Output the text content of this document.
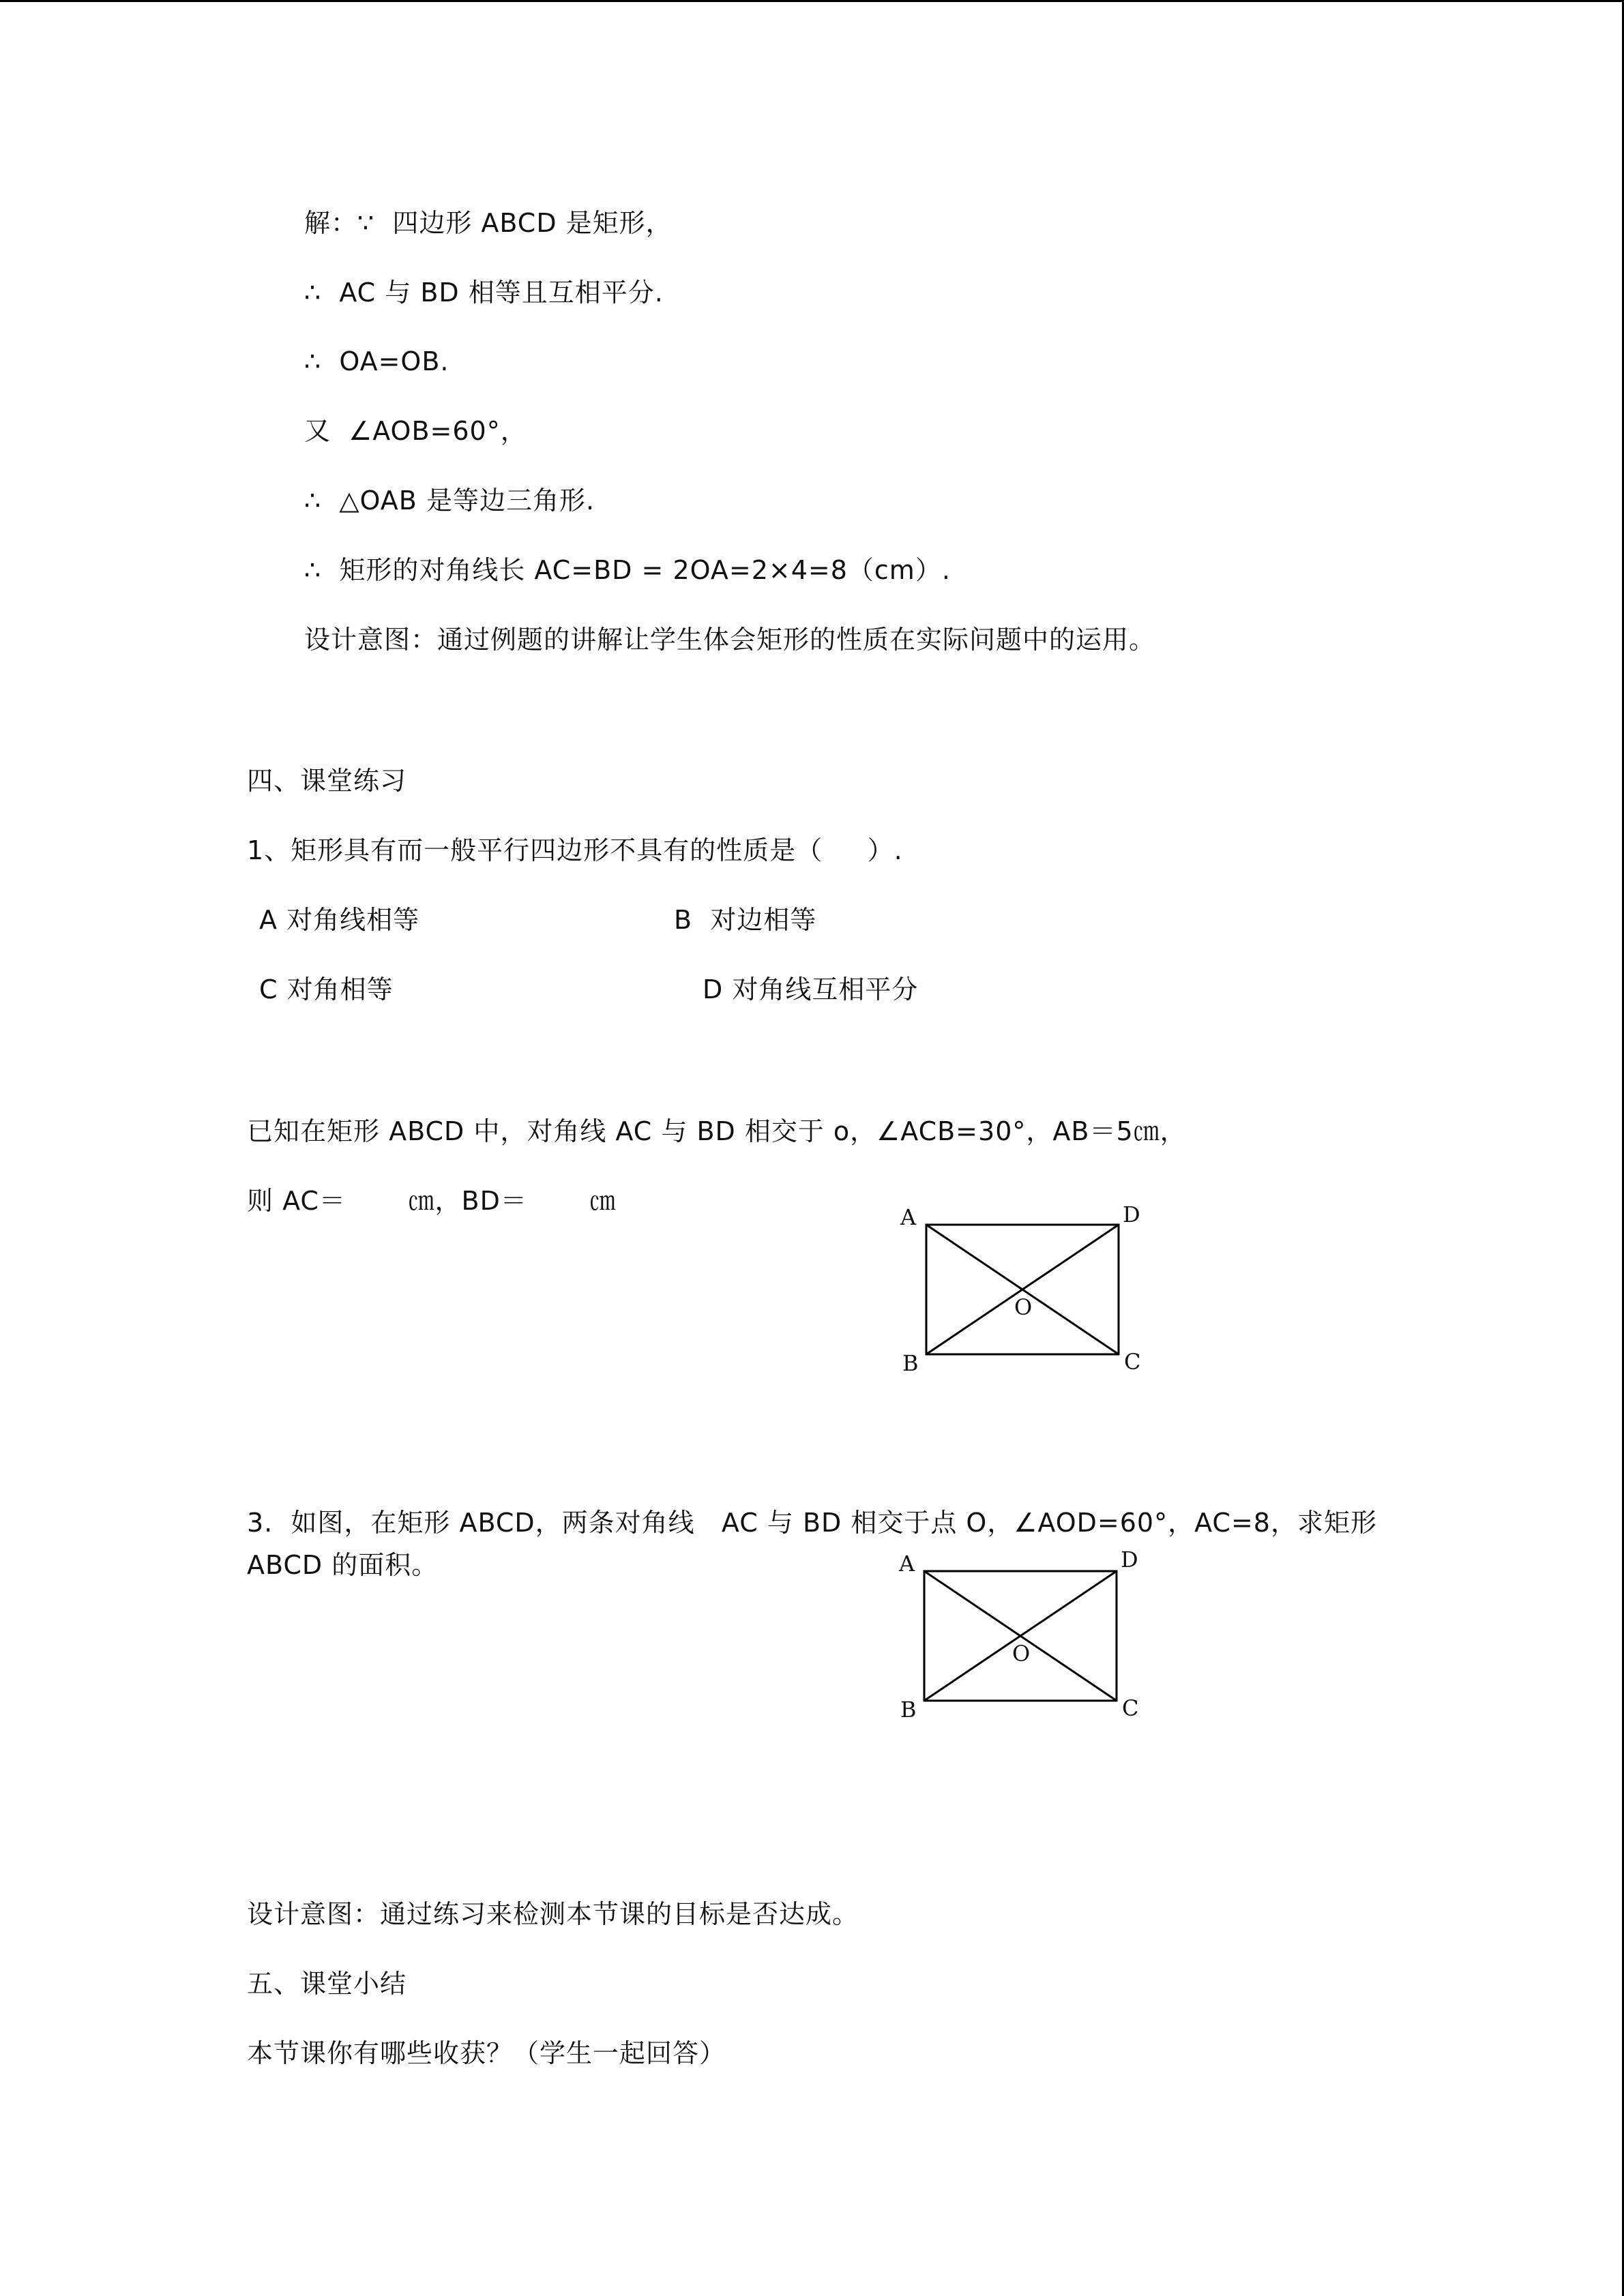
解：∵  四边形 ABCD 是矩形，
∴  AC 与 BD 相等且互相平分.
∴  OA=OB.
又  ∠AOB=60°，
∴  △OAB 是等边三角形.
∴  矩形的对角线长 AC=BD = 2OA=2×4=8（cm）.
设计意图：通过例题的讲解让学生体会矩形的性质在实际问题中的运用。
四、课堂练习
1、矩形具有而一般平行四边形不具有的性质是（     ）.
A 对角线相等	B  对边相等
C 对角相等	D 对角线互相平分
已知在矩形 ABCD 中，对角线 AC 与 BD 相交于 o，∠ACB=30°，AB＝5㎝，
则 AC＝       ㎝，BD＝       ㎝
A	D
O
B	C
3.  如图，在矩形 ABCD，两条对角线   AC 与 BD 相交于点 O，∠AOD=60°，AC=8，求矩形
ABCD 的面积。	A	D
O
B	C
设计意图：通过练习来检测本节课的目标是否达成。
五、课堂小结
本节课你有哪些收获？（学生一起回答）
